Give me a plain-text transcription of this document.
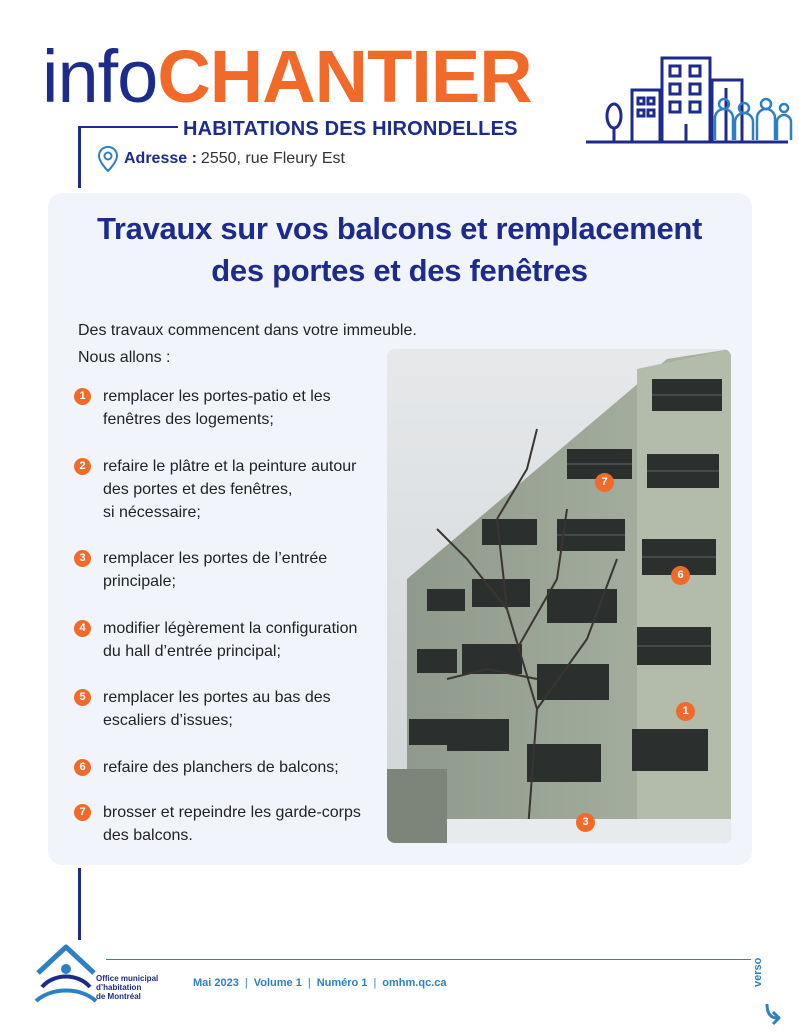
infoCHANTIER
HABITATIONS DES HIRONDELLES
Adresse : 2550, rue Fleury Est
Travaux sur vos balcons et remplacement
des portes et des fenêtres
Des travaux commencent dans votre immeuble.
Nous allons :
1	remplacer les portes-patio et les
fenêtres des logements;
2	refaire le plâtre et la peinture autour
des portes et des fenêtres,
si nécessaire;
3	remplacer les portes de l’entrée
principale;
4	modifier légèrement la configuration
du hall d’entrée principal;
5	remplacer les portes au bas des
escaliers d’issues;
6	refaire des planchers de balcons;
7	brosser et repeindre les garde-corps
des balcons.
7
6
1
3
Office municipal
d’habitation
de Montréal
Mai 2023 | Volume 1 | Numéro 1 | omhm.qc.ca	verso
